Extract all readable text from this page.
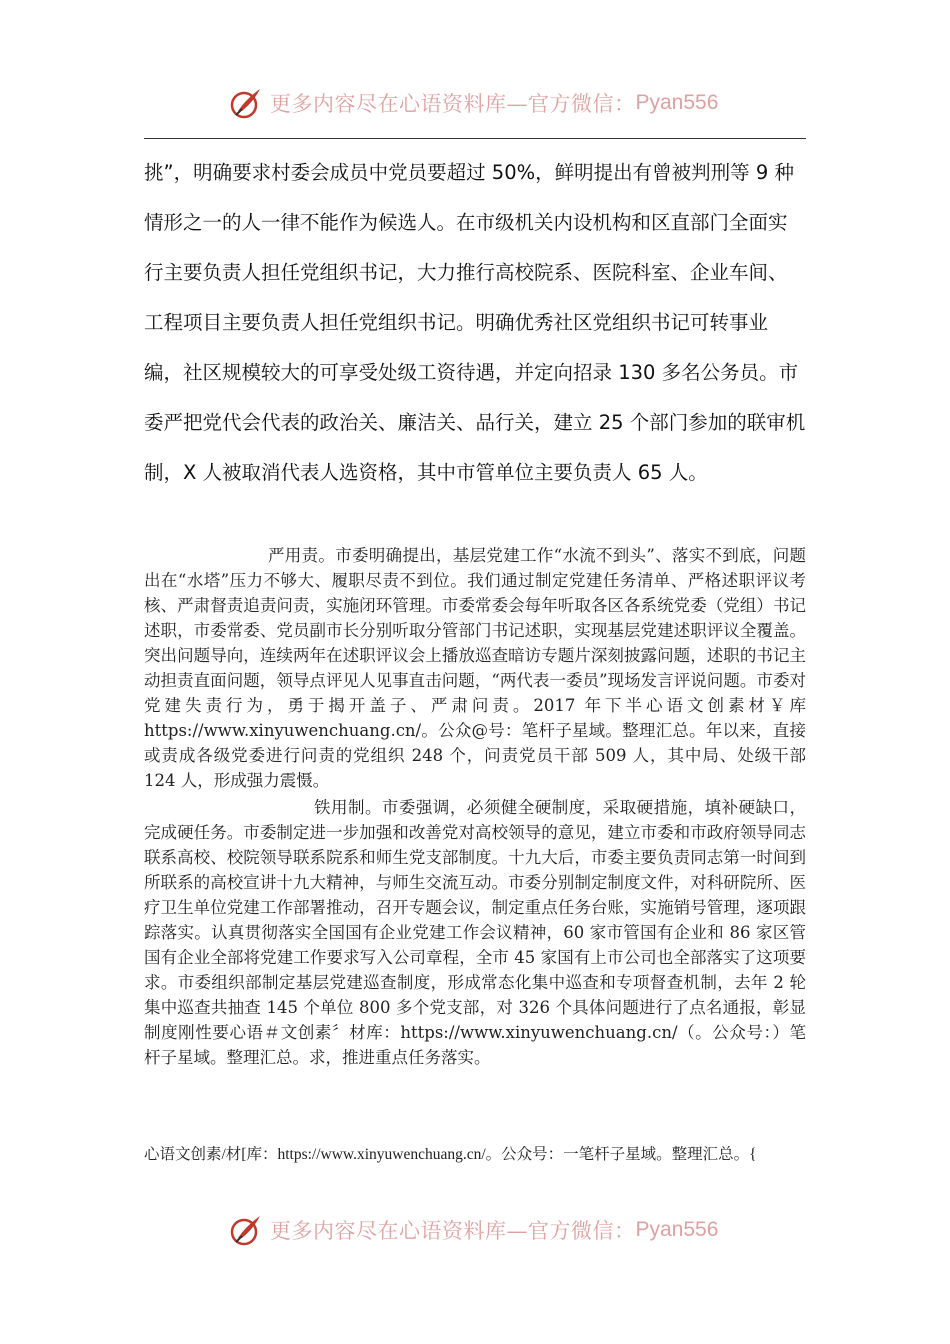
更多内容尽在心语资料库—官方微信： Pyan556

挑”，明确要求村委会成员中党员要超过 50%，鲜明提出有曾被判刑等 9 种情形之一的人一律不能作为候选人。在市级机关内设机构和区直部门全面实行主要负责人担任党组织书记，大力推行高校院系、医院科室、企业车间、工程项目主要负责人担任党组织书记。明确优秀社区党组织书记可转事业编，社区规模较大的可享受处级工资待遇，并定向招录 130 多名公务员。市委严把党代会代表的政治关、廉洁关、品行关，建立 25 个部门参加的联审机制，X 人被取消代表人选资格，其中市管单位主要负责人 65 人。

严用责。市委明确提出，基层党建工作“水流不到头”、落实不到底，问题出在“水塔”压力不够大、履职尽责不到位。我们通过制定党建任务清单、严格述职评议考核、严肃督责追责问责，实施闭环管理。市委常委会每年听取各区各系统党委（党组）书记述职，市委常委、党员副市长分别听取分管部门书记述职，实现基层党建述职评议全覆盖。突出问题导向，连续两年在述职评议会上播放巡查暗访专题片深刻披露问题，述职的书记主动担责直面问题，领导点评见人见事直击问题，“两代表一委员”现场发言评说问题。市委对党建失责行为，勇于揭开盖子、严肃问责。2017 年下半心语文创素材￥库 https://www.xinyuwenchuang.cn/。公众@号：笔杆子星域。整理汇总。年以来，直接或责成各级党委进行问责的党组织 248 个，问责党员干部 509 人，其中局、处级干部 124 人，形成强力震慑。

铁用制。市委强调，必须健全硬制度，采取硬措施，填补硬缺口，完成硬任务。市委制定进一步加强和改善党对高校领导的意见，建立市委和市政府领导同志联系高校、校院领导联系院系和师生党支部制度。十九大后，市委主要负责同志第一时间到所联系的高校宣讲十九大精神，与师生交流互动。市委分别制定制度文件，对科研院所、医疗卫生单位党建工作部署推动，召开专题会议，制定重点任务台账，实施销号管理，逐项跟踪落实。认真贯彻落实全国国有企业党建工作会议精神，60 家市管国有企业和 86 家区管国有企业全部将党建工作要求写入公司章程，全市 45 家国有上市公司也全部落实了这项要求。市委组织部制定基层党建巡查制度，形成常态化集中巡查和专项督查机制，去年 2 轮集中巡查共抽查 145 个单位 800 多个党支部，对 326 个具体问题进行了点名通报，彰显制度刚性要心语＃文创素〞材库：https://www.xinyuwenchuang.cn/（。公众号：）笔杆子星域。整理汇总。求，推进重点任务落实。

心语文创素/材[库：https://www.xinyuwenchuang.cn/。公众号：一笔杆子星域。整理汇总。{
更多内容尽在心语资料库—官方微信： Pyan556
